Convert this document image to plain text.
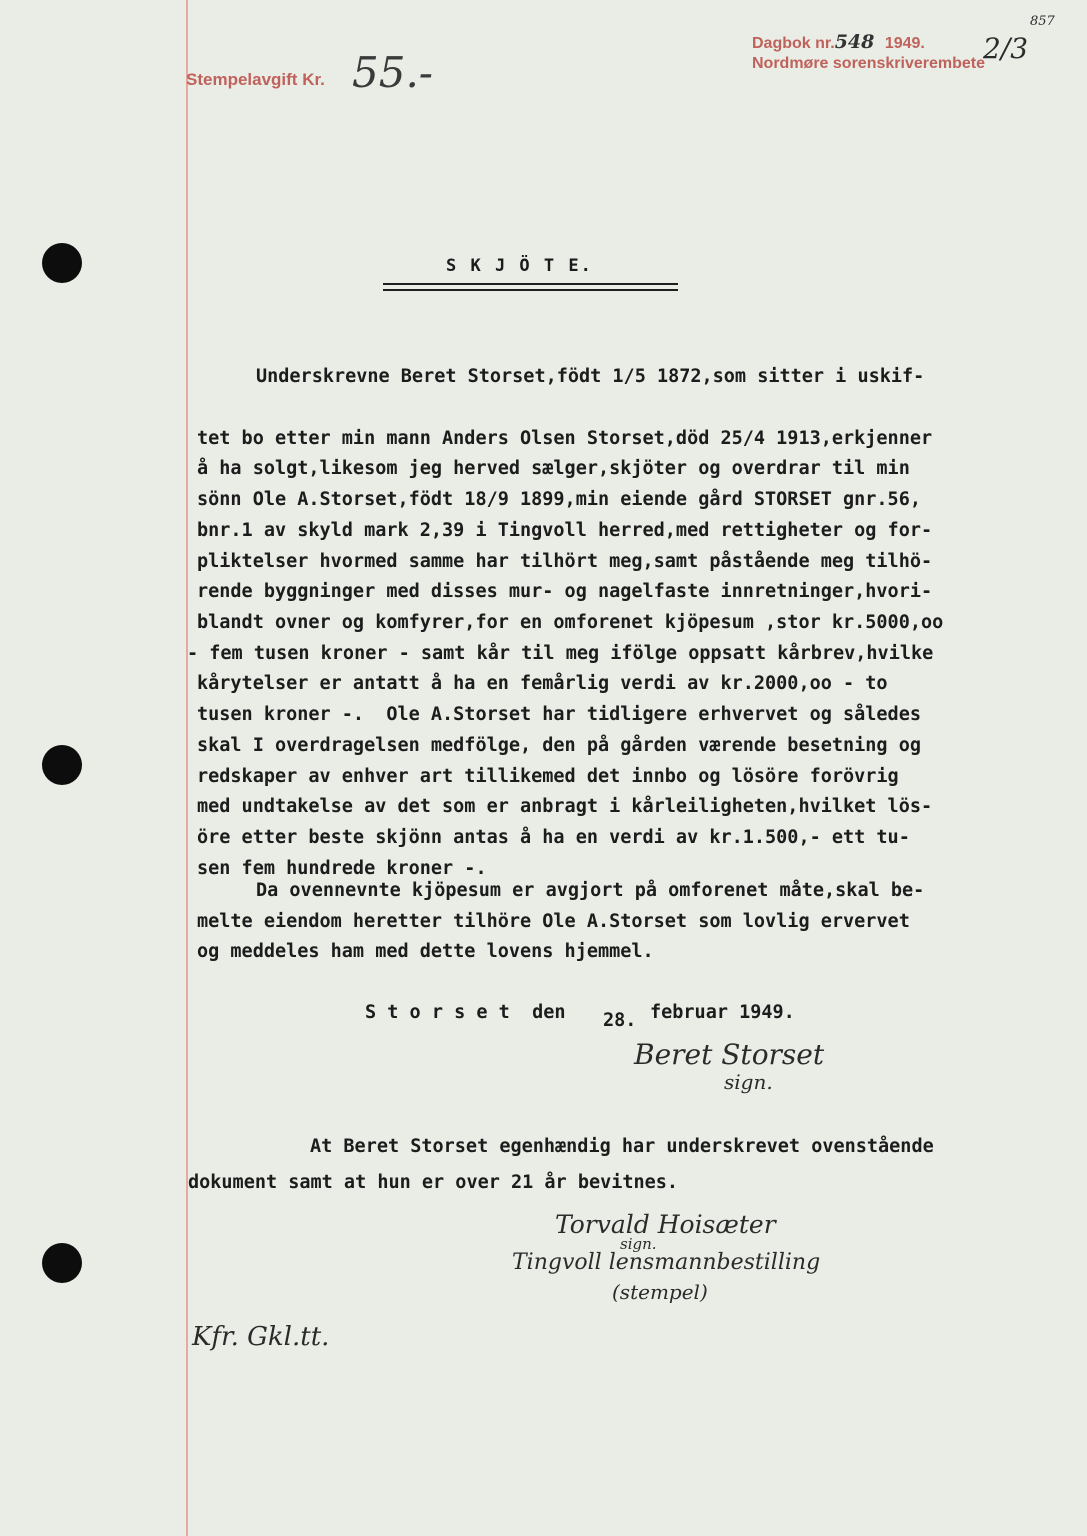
Stempelavgift Kr. 55.-
Dagbok nr.548 1949. 2/3
857
Nordmøre sorenskriverembete
S K J Ö T E.
Underskrevne Beret Storset,födt 1/5 1872,som sitter i uskif-
tet bo etter min mann Anders Olsen Storset,död 25/4 1913,erkjenner
å ha solgt,likesom jeg herved sælger,skjöter og overdrar til min
sönn Ole A.Storset,födt 18/9 1899,min eiende gård STORSET gnr.56,
bnr.1 av skyld mark 2,39 i Tingvoll herred,med rettigheter og for-
pliktelser hvormed samme har tilhört meg,samt påstående meg tilhö-
rende byggninger med disses mur- og nagelfaste innretninger,hvori-
blandt ovner og komfyrer,for en omforenet kjöpesum ,stor kr.5000,oo
- fem tusen kroner - samt kår til meg ifölge oppsatt kårbrev,hvilke
kårytelser er antatt å ha en femårlig verdi av kr.2000,oo - to
tusen kroner -.  Ole A.Storset har tidligere erhvervet og således
skal I overdragelsen medfölge, den på gården værende besetning og
redskaper av enhver art tillikemed det innbo og lösöre forövrig
med undtakelse av det som er anbragt i kårleiligheten,hvilket lös-
öre etter beste skjönn antas å ha en verdi av kr.1.500,- ett tu-
sen fem hundrede kroner -.
Da ovennevnte kjöpesum er avgjort på omforenet måte,skal be-
melte eiendom heretter tilhöre Ole A.Storset som lovlig ervervet
og meddeles ham med dette lovens hjemmel.
S t o r s e t  den 28. februar 1949.
Beret Storset
sign.
At Beret Storset egenhændig har underskrevet ovenstående
dokument samt at hun er over 21 år bevitnes.
Torvald Hoisæter
sign.
Tingvoll lensmannbestilling
(stempel)
Kfr. Gkl.tt.
